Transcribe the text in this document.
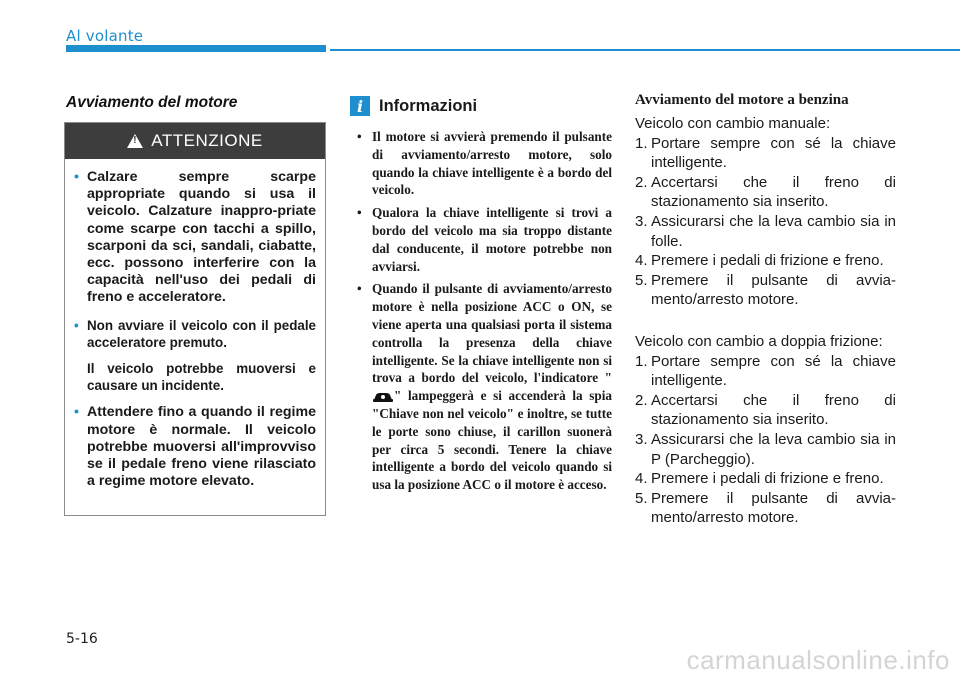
Al volante
Avviamento del motore
!
ATTENZIONE
• Calzare sempre scarpe appropriate quando si usa il veicolo. Calzature inappro-priate come scarpe con tacchi a spillo, scarponi da sci, sandali, ciabatte, ecc. possono interferire con la capacità nell'uso dei pedali di freno e acceleratore.
• Non avviare il veicolo con il pedale acceleratore premuto.
Il veicolo potrebbe muoversi e causare un incidente.
• Attendere fino a quando il regime motore è normale. Il veicolo potrebbe muoversi all'improvviso se il pedale freno viene rilasciato a regime motore elevato.
i Informazioni
• Il motore si avvierà premendo il pulsante di avviamento/arresto motore, solo quando la chiave intelligente è a bordo del veicolo.
• Qualora la chiave intelligente si trovi a bordo del veicolo ma sia troppo distante dal conducente, il motore potrebbe non avviarsi.
• Quando il pulsante di avviamento/arresto motore è nella posizione ACC o ON, se viene aperta una qualsiasi porta il sistema controlla la presenza della chiave intelligente. Se la chiave intelligente non si trova a bordo del veicolo, l'indicatore "" lampeggerà e si accenderà la spia "Chiave non nel veicolo" e inoltre, se tutte le porte sono chiuse, il carillon suonerà per circa 5 secondi. Tenere la chiave intelligente a bordo del veicolo quando si usa la posizione ACC o il motore è acceso.
Avviamento del motore a benzina

Veicolo con cambio manuale:

1. Portare sempre con sé la chiave intelligente.
2. Accertarsi che il freno di stazionamento sia inserito.
3. Assicurarsi che la leva cambio sia in folle.
4. Premere i pedali di frizione e freno.
5. Premere il pulsante di avvia-mento/arresto motore.

Veicolo con cambio a doppia frizione:

1. Portare sempre con sé la chiave intelligente.
2. Accertarsi che il freno di stazionamento sia inserito.
3. Assicurarsi che la leva cambio sia in P (Parcheggio).
4. Premere i pedali di frizione e freno.
5. Premere il pulsante di avvia-mento/arresto motore.
5-16
carmanualsonline.info
